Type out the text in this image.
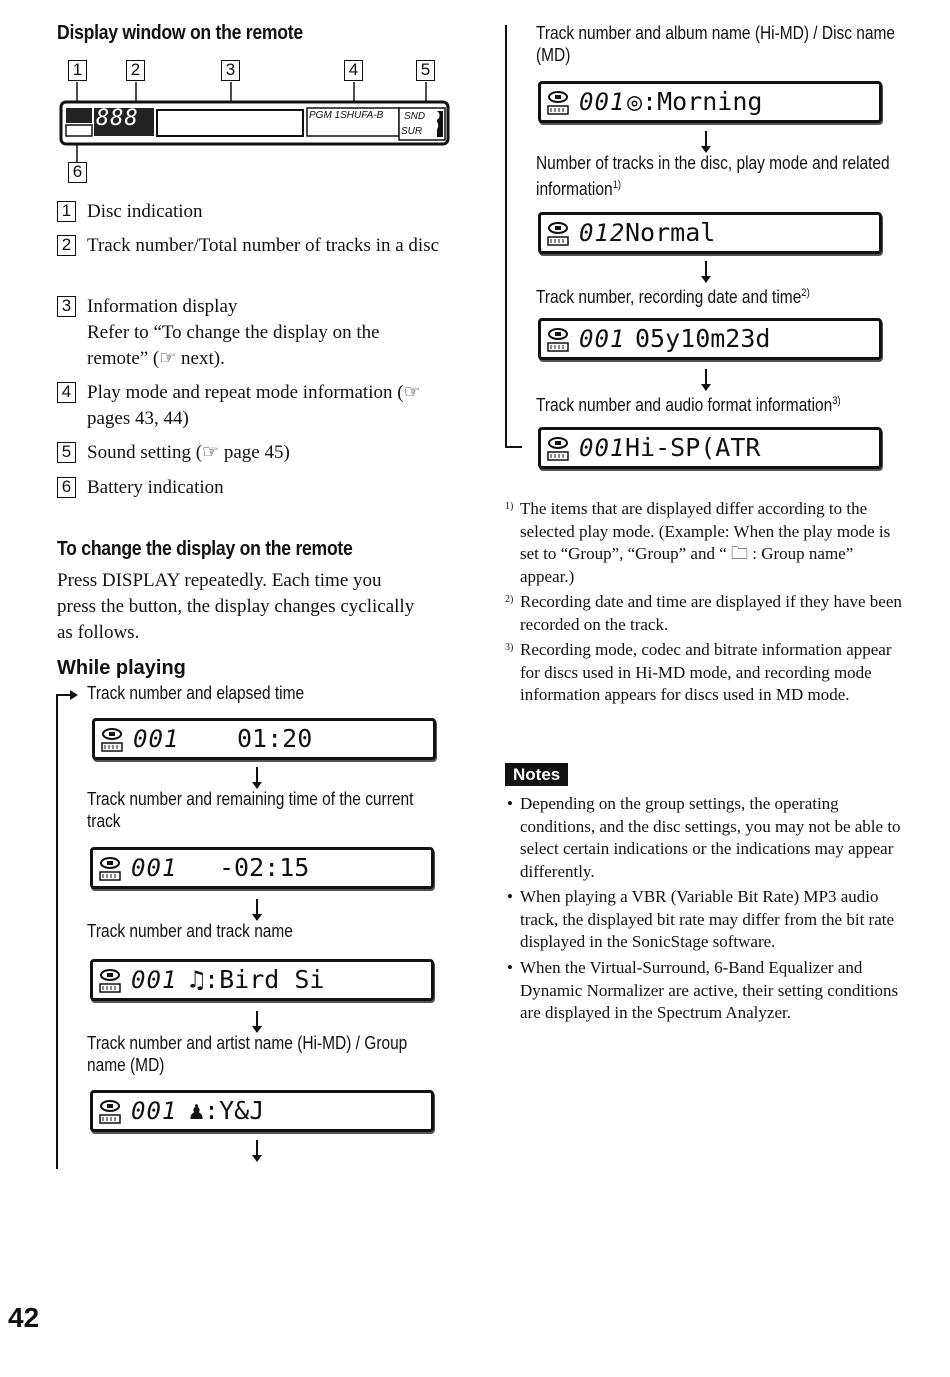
Display window on the remote
1	2	3	4	5
6
888	PGM 1SHUFA-B SND
SUR 8
1 Disc indication
2 Track number/Total number of tracks in a disc
3 Information display
Refer to “To change the display on the remote” (☞ next).
4 Play mode and repeat mode information (☞ pages 43, 44)
5 Sound setting (☞ page 45)
6 Battery indication
To change the display on the remote
Press DISPLAY repeatedly. Each time you press the button, the display changes cyclically as follows.
While playing
Track number and elapsed time
001 01:20
Track number and remaining time of the current track
001 -02:15
Track number and track name
001 ♫:Bird Si
Track number and artist name (Hi-MD) / Group name (MD)
001 ♟:Y&J
Track number and album name (Hi-MD) / Disc name (MD)
001 ◎:Morning
Number of tracks in the disc, play mode and related information$^{1)}$
012 Normal
Track number, recording date and time$^{2)}$
001 05y10m23d
Track number and audio format information$^{3)}$
001 Hi-SP(ATR
1) The items that are displayed differ according to the selected play mode. (Example: When the play mode is set to “Group”, “Group” and “ 🗀 : Group name” appear.)
2) Recording date and time are displayed if they have been recorded on the track.
3) Recording mode, codec and bitrate information appear for discs used in Hi-MD mode, and recording mode information appears for discs used in MD mode.
Notes
• Depending on the group settings, the operating conditions, and the disc settings, you may not be able to select certain indications or the indications may appear differently.
• When playing a VBR (Variable Bit Rate) MP3 audio track, the displayed bit rate may differ from the bit rate displayed in the SonicStage software.
• When the Virtual-Surround, 6-Band Equalizer and Dynamic Normalizer are active, their setting conditions are displayed in the Spectrum Analyzer.
42
